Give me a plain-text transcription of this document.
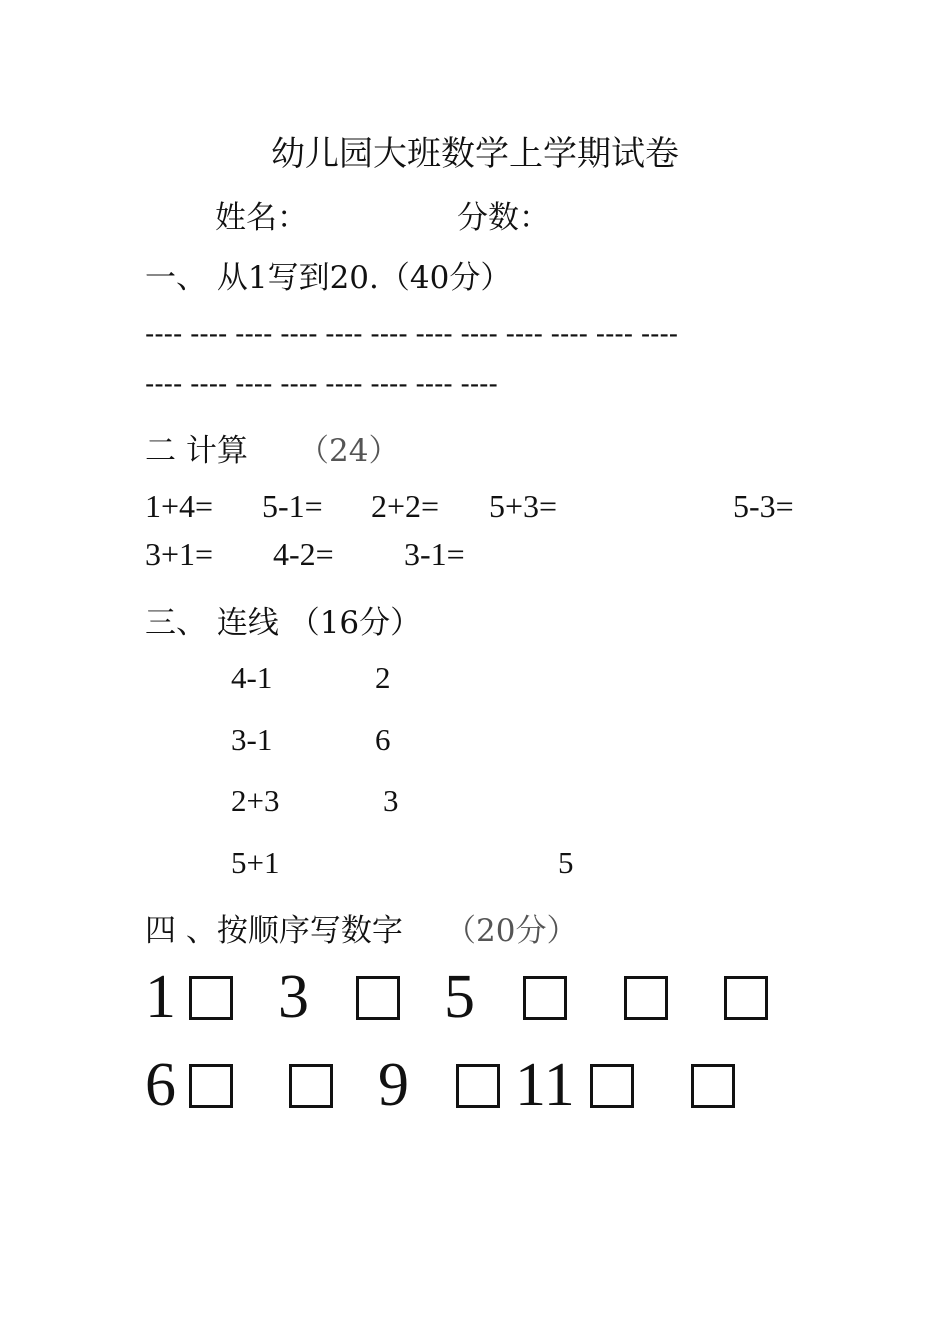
幼儿园大班数学上学期试卷
姓名：	分数：
一、 从1写到20.（40分）
---- ---- ---- ---- ---- ---- ---- ---- ---- ---- ---- ----
---- ---- ---- ---- ---- ---- ---- ----
二 计算 （24）
1+4= 5-1= 2+2= 5+3=	5-3=
3+1= 4-2= 3-1=
三、 连线 （16分）
4-1	2
3-1	6
2+3	3
5+1	5
四 、按顺序写数字 （20分）
1 3 5
6	9 11
